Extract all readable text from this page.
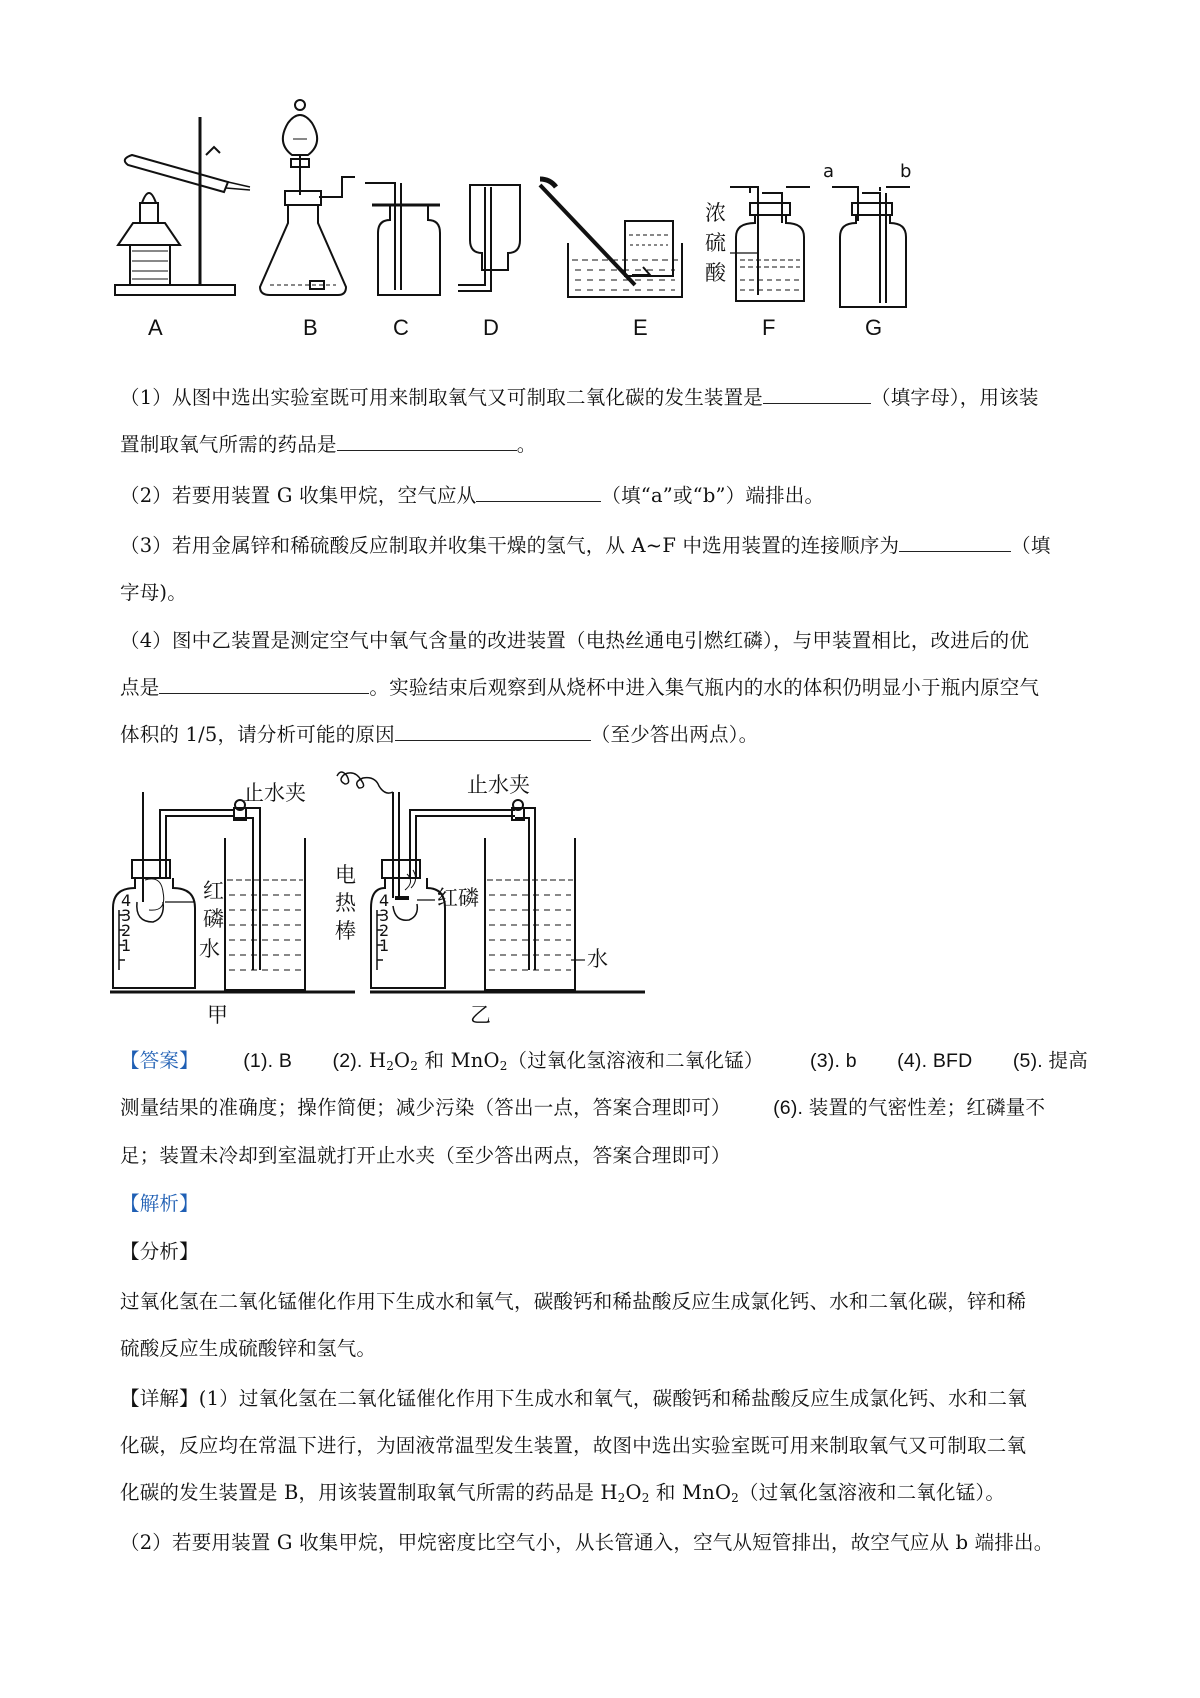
浓
硫
酸
a	b
A	B	C	D	E	F	G
（1）从图中选出实验室既可用来制取氧气又可制取二氧化碳的发生装置是	（填字母），用该装
置制取氧气所需的药品是	。
（2）若要用装置 G 收集甲烷，空气应从	（填“a”或“b”）端排出。
（3）若用金属锌和稀硫酸反应制取并收集干燥的氢气，从 A~F 中选用装置的连接顺序为	（填
字母)。
（4）图中乙装置是测定空气中氧气含量的改进装置（电热丝通电引燃红磷），与甲装置相比，改进后的优
点是	。实验结束后观察到从烧杯中进入集气瓶内的水的体积仍明显小于瓶内原空气
体积的 1/5，请分析可能的原因	（至少答出两点）。
止水夹
红
磷
水
4
3
2
1
甲
止水夹
电
热
棒
红磷
水
4
3
2
1
乙
【答案】 (1). B (2). $H_2O_2$ 和 MnO$_2$（过氧化氢溶液和二氧化锰） (3). b (4). BFD (5). 提高
测量结果的准确度；操作简便；减少污染（答出一点，答案合理即可） (6). 装置的气密性差；红磷量不
足；装置未冷却到室温就打开止水夹（至少答出两点，答案合理即可）
【解析】
【分析】
过氧化氢在二氧化锰催化作用下生成水和氧气，碳酸钙和稀盐酸反应生成氯化钙、水和二氧化碳，锌和稀
硫酸反应生成硫酸锌和氢气。
【详解】(1）过氧化氢在二氧化锰催化作用下生成水和氧气，碳酸钙和稀盐酸反应生成氯化钙、水和二氧
化碳，反应均在常温下进行，为固液常温型发生装置，故图中选出实验室既可用来制取氧气又可制取二氧
化碳的发生装置是 B，用该装置制取氧气所需的药品是 $H_2O_2$ 和 MnO$_2$（过氧化氢溶液和二氧化锰）。
（2）若要用装置 G 收集甲烷，甲烷密度比空气小，从长管通入，空气从短管排出，故空气应从 b 端排出。
